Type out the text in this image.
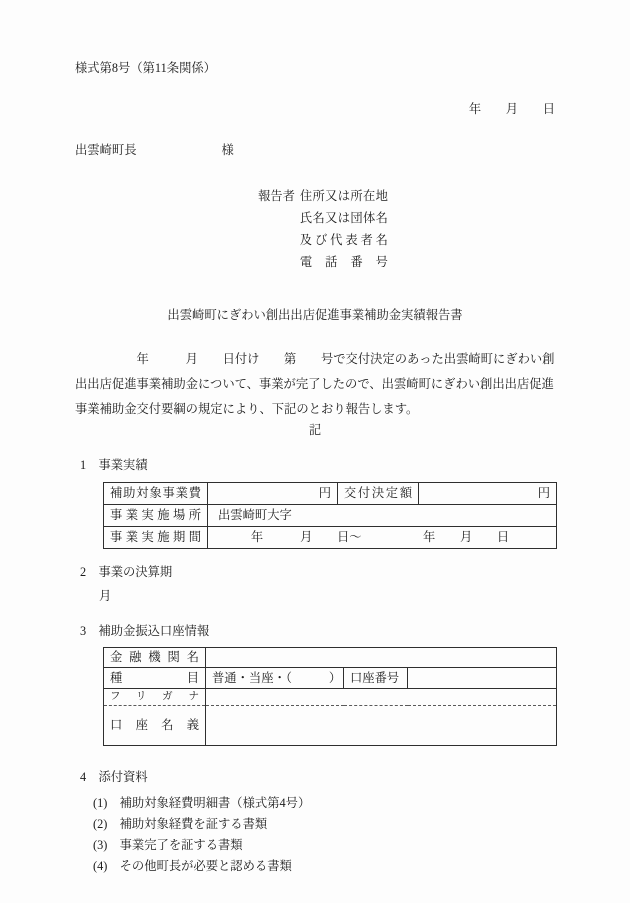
様式第8号（第11条関係）
年　　月　　日
出雲崎町長	様
報告者 住所又は所在地
氏名又は団体名
及び代表者名
電話番号
出雲崎町にぎわい創出出店促進事業補助金実績報告書
　　　　　年　　　月　　日付け　　第　　号で交付決定のあった出雲崎町にぎわい創
出出店促進事業補助金について、事業が完了したので、出雲崎町にぎわい創出出店促進
事業補助金交付要綱の規定により、下記のとおり報告します。
記
1　事業実績
補助対象事業費	円	交付決定額	円
事業実施場所	出雲崎町大字		
事業実施期間	　　　年　　　月　　日～　　　　　年　　月　　日		
2　事業の決算期
月
3　補助金振込口座情報
金融機関名			
種目	普通・当座・（　　　）	口座番号	
フリガナ			
口座名義			
4　添付資料
(1)　補助対象経費明細書（様式第4号）
(2)　補助対象経費を証する書類
(3)　事業完了を証する書類
(4)　その他町長が必要と認める書類
